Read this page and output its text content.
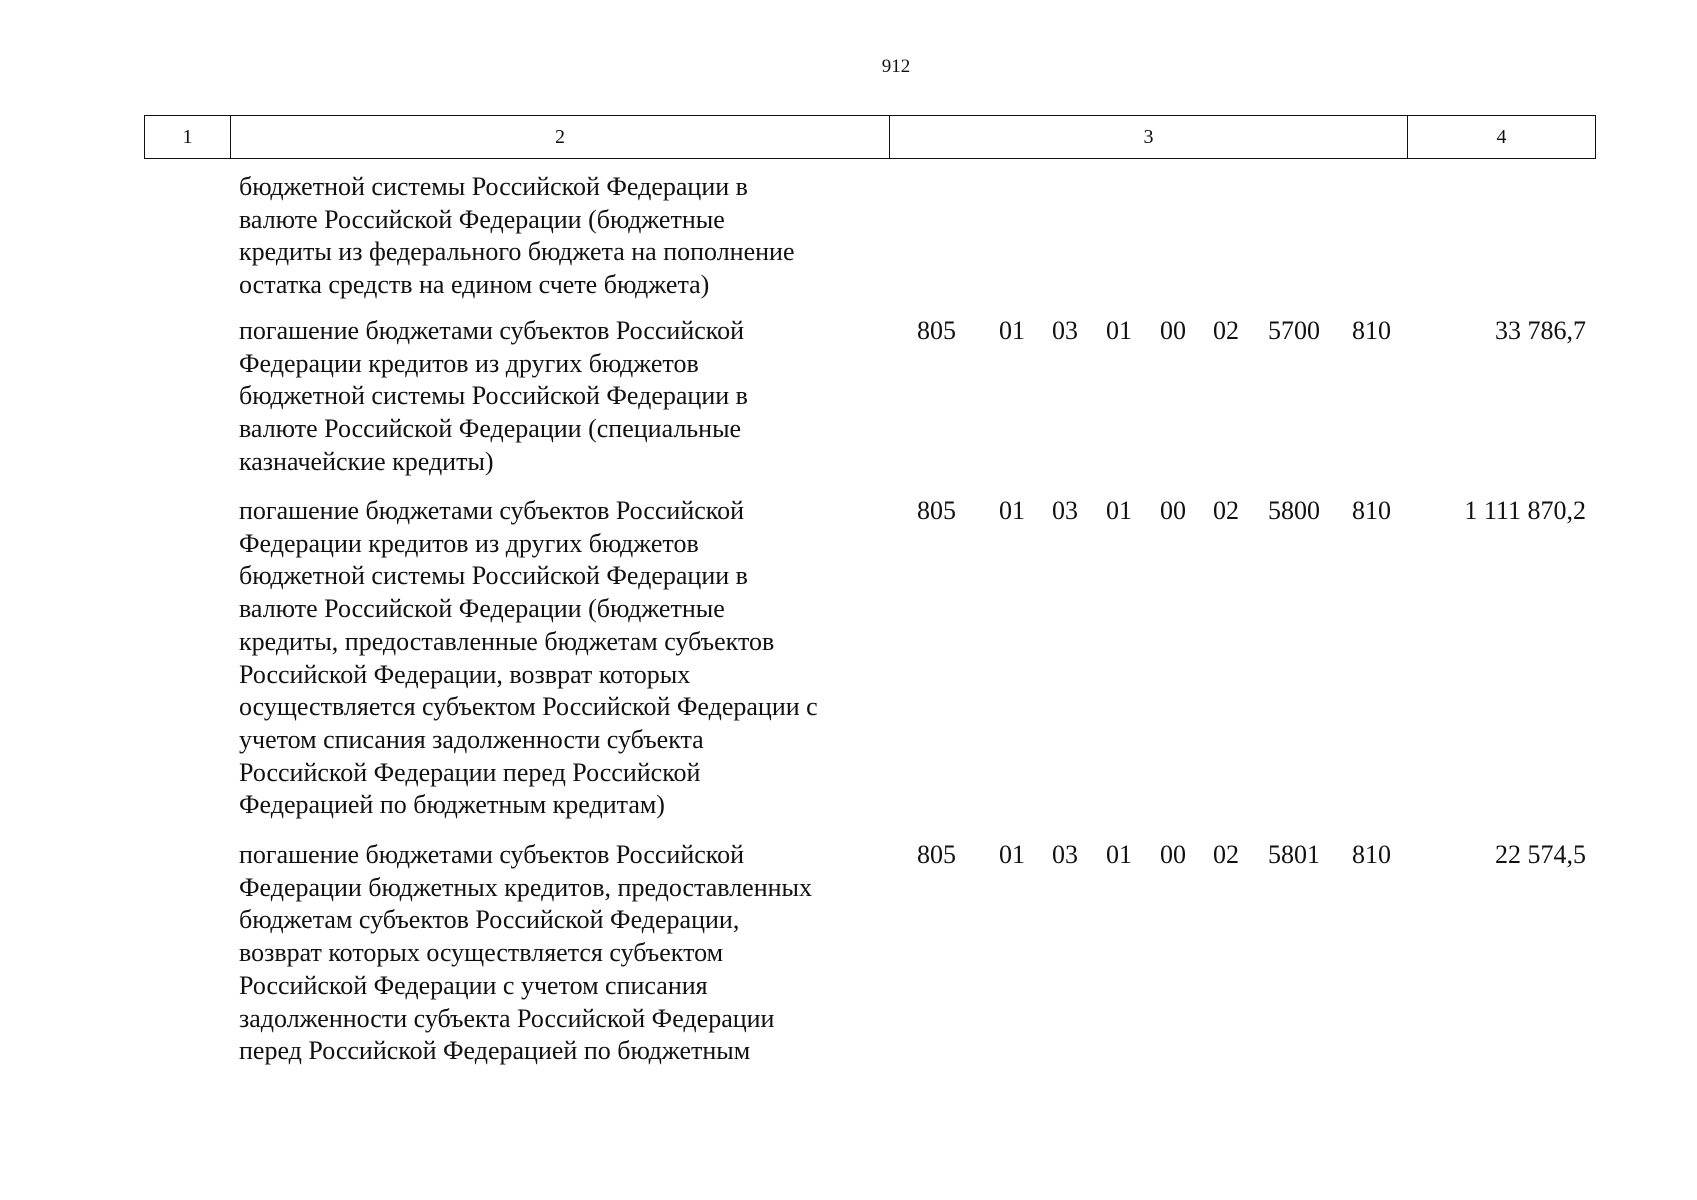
912
1	2	3	4
бюджетной системы Российской Федерации в
валюте Российской Федерации (бюджетные
кредиты из федерального бюджета на пополнение
остатка средств на едином счете бюджета)
погашение бюджетами субъектов Российской
Федерации кредитов из других бюджетов
бюджетной системы Российской Федерации в
валюте Российской Федерации (специальные
казначейские кредиты)
805 01 03 01 00 02 5700 810	33 786,7
погашение бюджетами субъектов Российской
Федерации кредитов из других бюджетов
бюджетной системы Российской Федерации в
валюте Российской Федерации (бюджетные
кредиты, предоставленные бюджетам субъектов
Российской Федерации, возврат которых
осуществляется субъектом Российской Федерации с
учетом списания задолженности субъекта
Российской Федерации перед Российской
Федерацией по бюджетным кредитам)
805 01 03 01 00 02 5800 810	1 111 870,2
погашение бюджетами субъектов Российской
Федерации бюджетных кредитов, предоставленных
бюджетам субъектов Российской Федерации,
возврат которых осуществляется субъектом
Российской Федерации с учетом списания
задолженности субъекта Российской Федерации
перед Российской Федерацией по бюджетным
805 01 03 01 00 02 5801 810	22 574,5
